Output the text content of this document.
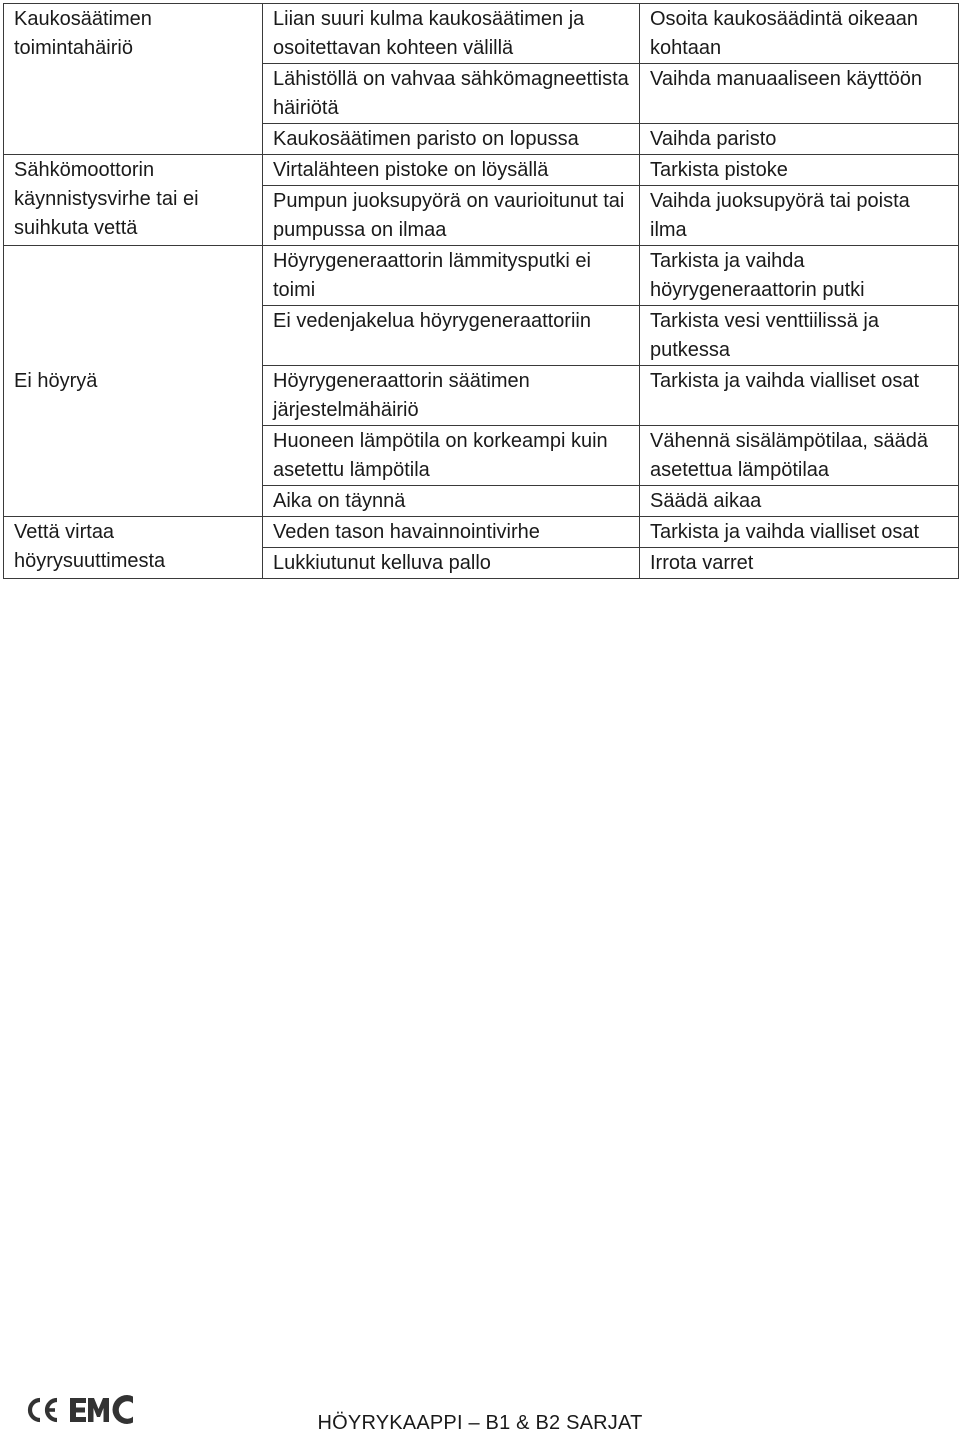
Kaukosäätimen toimintahäiriö	Liian suuri kulma kaukosäätimen ja osoitettavan kohteen välillä	Osoita kaukosäädintä oikeaan kohtaan
	Lähistöllä on vahvaa sähkömagneettista häiriötä	Vaihda manuaaliseen käyttöön
	Kaukosäätimen paristo on lopussa	Vaihda paristo
Sähkömoottorin käynnistysvirhe tai ei suihkuta vettä	Virtalähteen pistoke on löysällä	Tarkista pistoke
	Pumpun juoksupyörä on vaurioitunut tai pumpussa on ilmaa	Vaihda juoksupyörä tai poista ilma
Ei höyryä	Höyrygeneraattorin lämmitysputki ei toimi	Tarkista ja vaihda höyrygeneraattorin putki
	Ei vedenjakelua höyrygeneraattoriin	Tarkista vesi venttiilissä ja putkessa
	Höyrygeneraattorin säätimen järjestelmähäiriö	Tarkista ja vaihda vialliset osat
	Huoneen lämpötila on korkeampi kuin asetettu lämpötila	Vähennä sisälämpötilaa, säädä asetettua lämpötilaa
	Aika on täynnä	Säädä aikaa
Vettä virtaa höyrysuuttimesta	Veden tason havainnointivirhe	Tarkista ja vaihda vialliset osat
	Lukkiutunut kelluva pallo	Irrota varret
HÖYRYKAAPPI – B1 & B2 SARJAT
